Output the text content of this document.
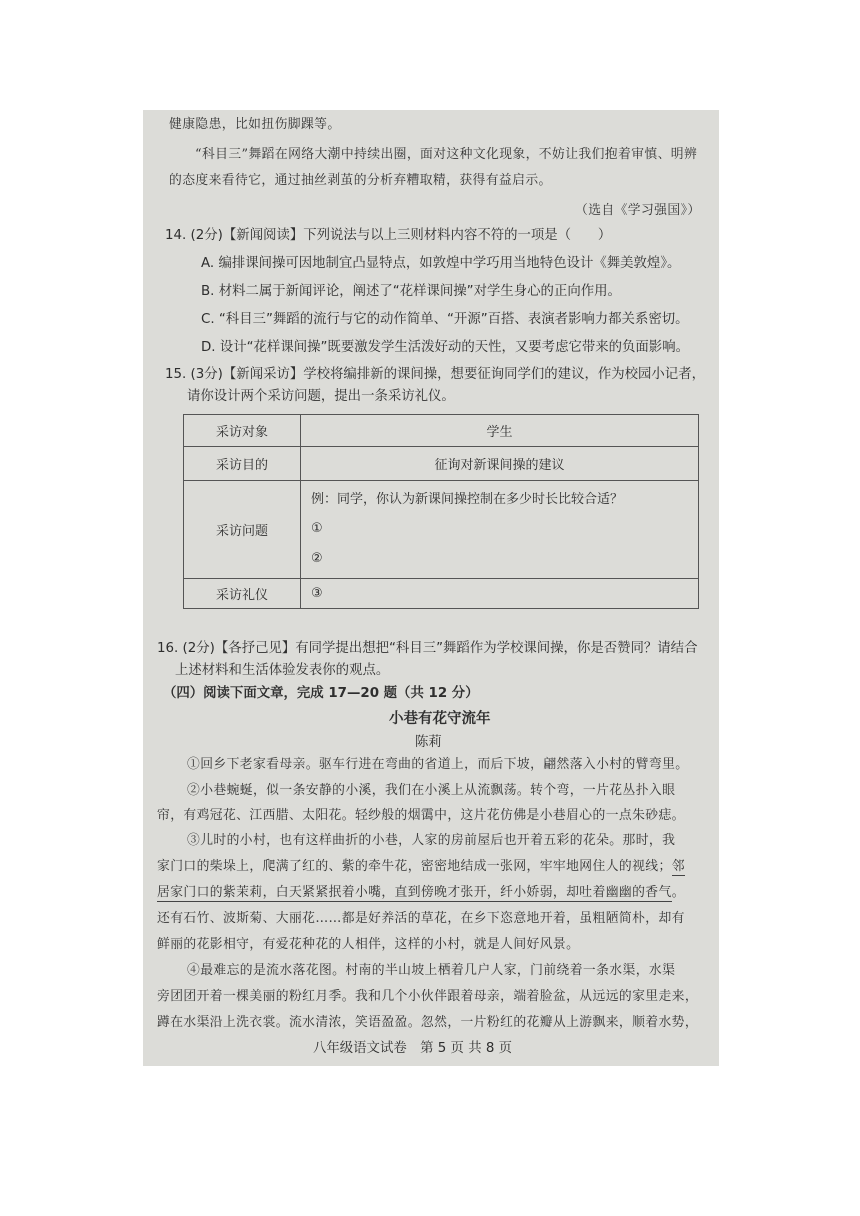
健康隐患，比如扭伤脚踝等。
“科目三”舞蹈在网络大潮中持续出圈，面对这种文化现象，不妨让我们抱着审慎、明辨
的态度来看待它，通过抽丝剥茧的分析弃糟取精，获得有益启示。
（选自《学习强国》）
14. (2分)【新闻阅读】下列说法与以上三则材料内容不符的一项是（　　）
A. 编排课间操可因地制宜凸显特点，如敦煌中学巧用当地特色设计《舞美敦煌》。
B. 材料二属于新闻评论，阐述了“花样课间操”对学生身心的正向作用。
C. “科目三”舞蹈的流行与它的动作简单、“开源”百搭、表演者影响力都关系密切。
D. 设计“花样课间操”既要激发学生活泼好动的天性，又要考虑它带来的负面影响。
15. (3分)【新闻采访】学校将编排新的课间操，想要征询同学们的建议，作为校园小记者，
请你设计两个采访问题，提出一条采访礼仪。
采访对象	学生
采访目的	征询对新课间操的建议
采访问题	例：同学，你认为新课间操控制在多少时长比较合适？
①
②

采访礼仪	③
16. (2分)【各抒己见】有同学提出想把“科目三”舞蹈作为学校课间操，你是否赞同？请结合
上述材料和生活体验发表你的观点。
（四）阅读下面文章，完成 17—20 题（共 12 分）
小巷有花守流年
陈莉
①回乡下老家看母亲。驱车行进在弯曲的省道上，而后下坡，翩然落入小村的臂弯里。
②小巷蜿蜒，似一条安静的小溪，我们在小溪上从流飘荡。转个弯，一片花丛扑入眼
帘，有鸡冠花、江西腊、太阳花。轻纱般的烟霭中，这片花仿佛是小巷眉心的一点朱砂痣。
③儿时的小村，也有这样曲折的小巷，人家的房前屋后也开着五彩的花朵。那时，我
家门口的柴垛上，爬满了红的、紫的牵牛花，密密地结成一张网，牢牢地网住人的视线；邻
居家门口的紫茉莉，白天紧紧抿着小嘴，直到傍晚才张开，纤小娇弱，却吐着幽幽的香气。
还有石竹、波斯菊、大丽花……都是好养活的草花，在乡下恣意地开着，虽粗陋简朴，却有
鲜丽的花影相守，有爱花种花的人相伴，这样的小村，就是人间好风景。
④最难忘的是流水落花图。村南的半山坡上栖着几户人家，门前绕着一条水渠，水渠
旁团团开着一棵美丽的粉红月季。我和几个小伙伴跟着母亲，端着脸盆，从远远的家里走来，
蹲在水渠沿上洗衣裳。流水清浓，笑语盈盈。忽然，一片粉红的花瓣从上游飘来，顺着水势，
八年级语文试卷　第 5 页 共 8 页
